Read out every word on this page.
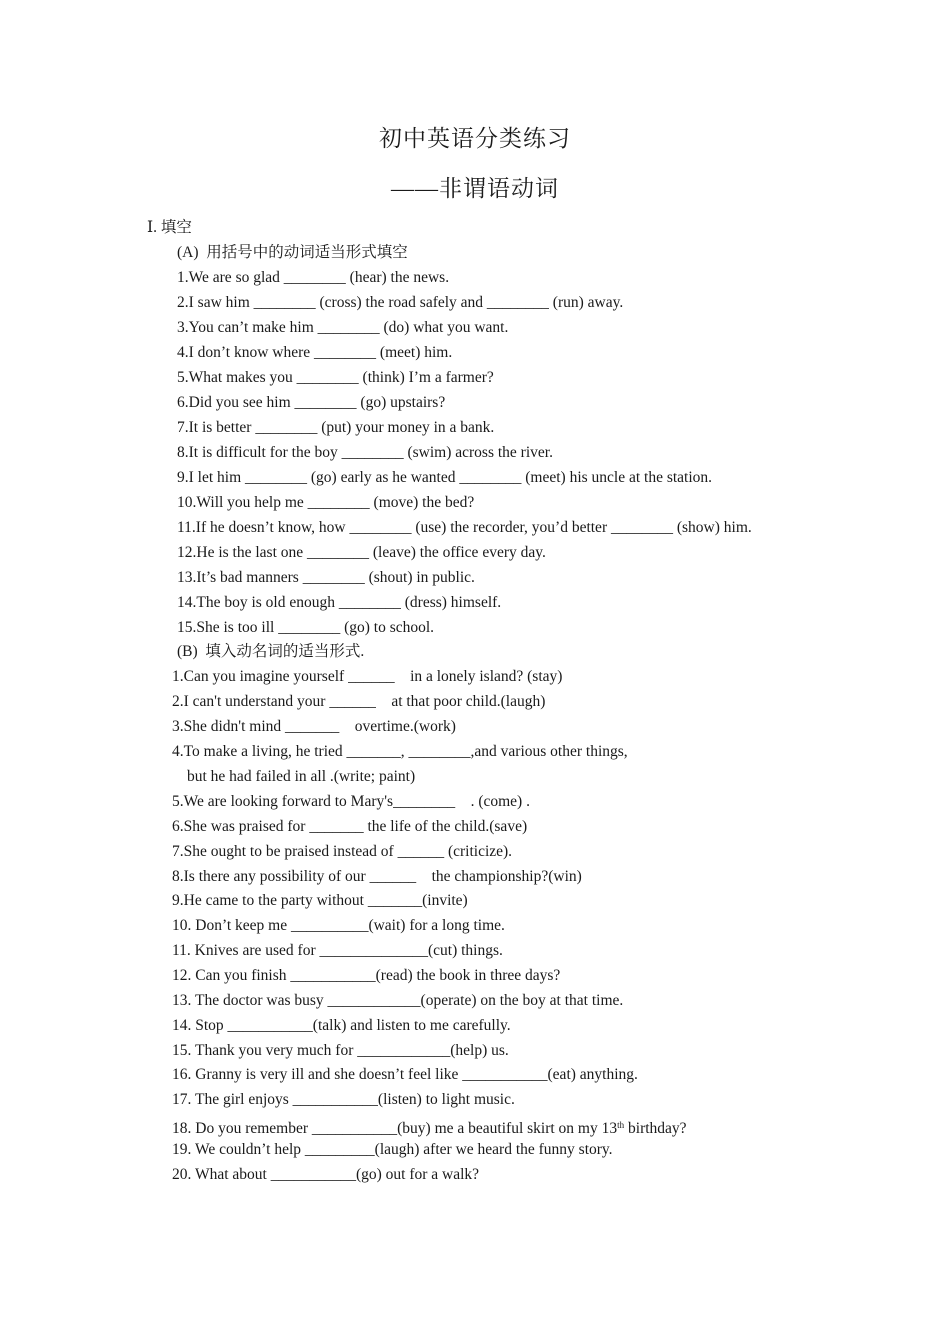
初中英语分类练习
——非谓语动词
Ⅰ. 填空
(A)  用括号中的动词适当形式填空
1.We are so glad ________ (hear) the news.
2.I saw him ________ (cross) the road safely and ________ (run) away.
3.You can’t make him ________ (do) what you want.
4.I don’t know where ________ (meet) him.
5.What makes you ________ (think) I’m a farmer?
6.Did you see him ________ (go) upstairs?
7.It is better ________ (put) your money in a bank.
8.It is difficult for the boy ________ (swim) across the river.
9.I let him ________ (go) early as he wanted ________ (meet) his uncle at the station.
10.Will you help me ________ (move) the bed?
11.If he doesn’t know, how ________ (use) the recorder, you’d better ________ (show) him.
12.He is the last one ________ (leave) the office every day.
13.It’s bad manners ________ (shout) in public.
14.The boy is old enough ________ (dress) himself.
15.She is too ill ________ (go) to school.
(B)  填入动名词的适当形式.
1.Can you imagine yourself ______    in a lonely island? (stay)
2.I can't understand your ______    at that poor child.(laugh)
3.She didn't mind _______    overtime.(work)
4.To make a living, he tried _______, ________,and various other things,
but he had failed in all .(write; paint)
5.We are looking forward to Mary's________    . (come) .
6.She was praised for _______ the life of the child.(save)
7.She ought to be praised instead of ______ (criticize).
8.Is there any possibility of our ______    the championship?(win)
9.He came to the party without _______(invite)
10. Don’t keep me __________(wait) for a long time.
11. Knives are used for ______________(cut) things.
12. Can you finish ___________(read) the book in three days?
13. The doctor was busy ____________(operate) on the boy at that time.
14. Stop ___________(talk) and listen to me carefully.
15. Thank you very much for ____________(help) us.
16. Granny is very ill and she doesn’t feel like ___________(eat) anything.
17. The girl enjoys ___________(listen) to light music.
18. Do you remember ___________(buy) me a beautiful skirt on my 13th birthday?
19. We couldn’t help _________(laugh) after we heard the funny story.
20. What about ___________(go) out for a walk?
